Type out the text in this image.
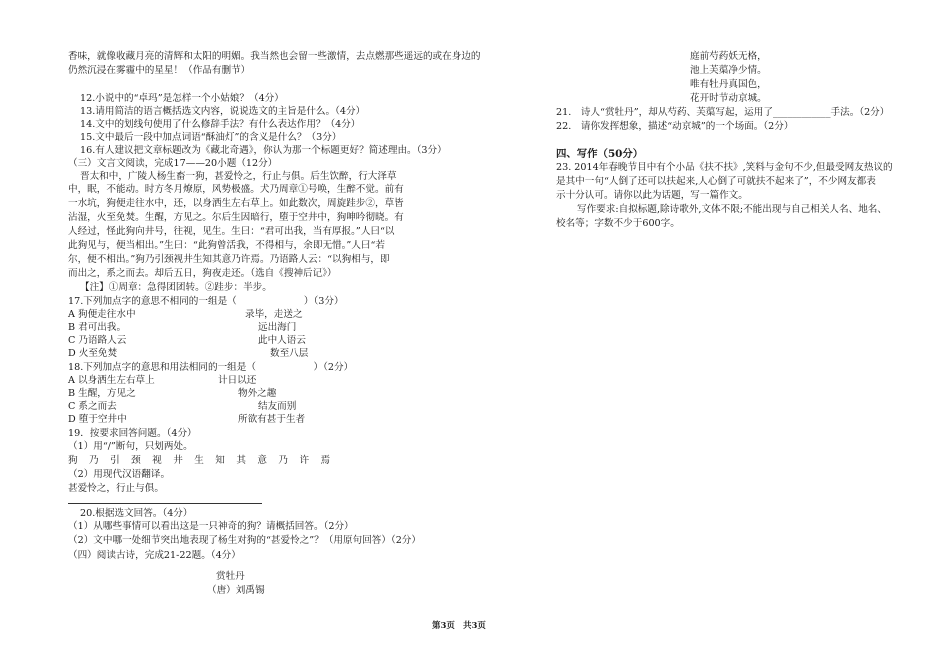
香味，就像收藏月亮的清辉和太阳的明媚。我当然也会留一些激情，去点燃那些遥远的或在身边的
仍然沉浸在雾霾中的星星！（作品有删节）
12.小说中的“卓玛”是怎样一个小姑娘？（4分）
13.请用简洁的语言概括选文内容，说说选文的主旨是什么。（4分）
14.文中的划线句使用了什么修辞手法？有什么表达作用？（4分）
15.文中最后一段中加点词语“酥油灯”的含义是什么？（3分）
16.有人建议把文章标题改为《藏北奇遇》，你认为那一个标题更好？简述理由。（3分）
（三）文言文阅读，完成17——20小题（12分）
晋太和中，广陵人杨生畜一狗，甚爱怜之，行止与俱。后生饮醉，行大泽草
中，眠，不能动。时方冬月燎原，风势极盛。犬乃周章①号唤，生醉不觉。前有
一水坑，狗便走往水中，还，以身洒生左右草上。如此数次，周旋跬步②，草皆
沾湿，火至免焚。生醒，方见之。尔后生因暗行，堕于空井中，狗呻吟彻晓。有
人经过，怪此狗向井号，往视，见生。生曰：“君可出我，当有厚报。”人曰“以
此狗见与，便当相出。”生曰：“此狗曾活我，不得相与，余即无惜。”人曰“若
尔，便不相出。”狗乃引颈视井生知其意乃许焉。乃语路人云：“以狗相与，即
而出之，系之而去。却后五日，狗夜走还。（选自《搜神后记》）
【注】①周章：急得团团转。②跬步：半步。
17.下列加点字的意思不相同的一组是（　　　　　　　）（3分）
A 狗便走往水中	录毕，走送之
B 君可出我。	远出海门
C 乃语路人云	此中人语云
D 火至免焚	数至八层
18.下列加点字的意思和用法相同的一组是（　　　　　　）（2分）
A 以身洒生左右草上	计日以还
B 生醒，方见之	物外之趣
C 系之而去	结友而别
D 堕于空井中	所欲有甚于生者
19．按要求回答问题。（4分）
（1）用“/”断句，只划两处。
狗 乃 引 颈 视 井 生 知 其 意 乃 许 焉
（2）用现代汉语翻译。
甚爱怜之，行止与俱。
20.根据选文回答。（4分）
（1）从哪些事情可以看出这是一只神奇的狗？请概括回答。（2分）
（2）文中哪一处细节突出地表现了杨生对狗的“甚爱怜之”？（用原句回答）（2分）
（四）阅读古诗，完成21-22题。（4分）
赏牡丹
（唐）刘禹锡
庭前芍药妖无格，
池上芙蕖净少情。
唯有牡丹真国色，
花开时节动京城。
21.　诗人“赏牡丹”，却从芍药、芙蕖写起，运用了____________手法。（2分）
22.　请你发挥想象，描述“动京城”的一个场面。（2分）
四、写作（50分）
23. 2014年春晚节目中有个小品《扶不扶》,笑料与金句不少,但最受网友热议的
是其中一句“人倒了还可以扶起来,人心倒了可就扶不起来了”，不少网友都表
示十分认可。请你以此为话题，写一篇作文。
写作要求:自拟标题,除诗歌外,文体不限;不能出现与自己相关人名、地名、
校名等；字数不少于600字。
第3页 共3页
